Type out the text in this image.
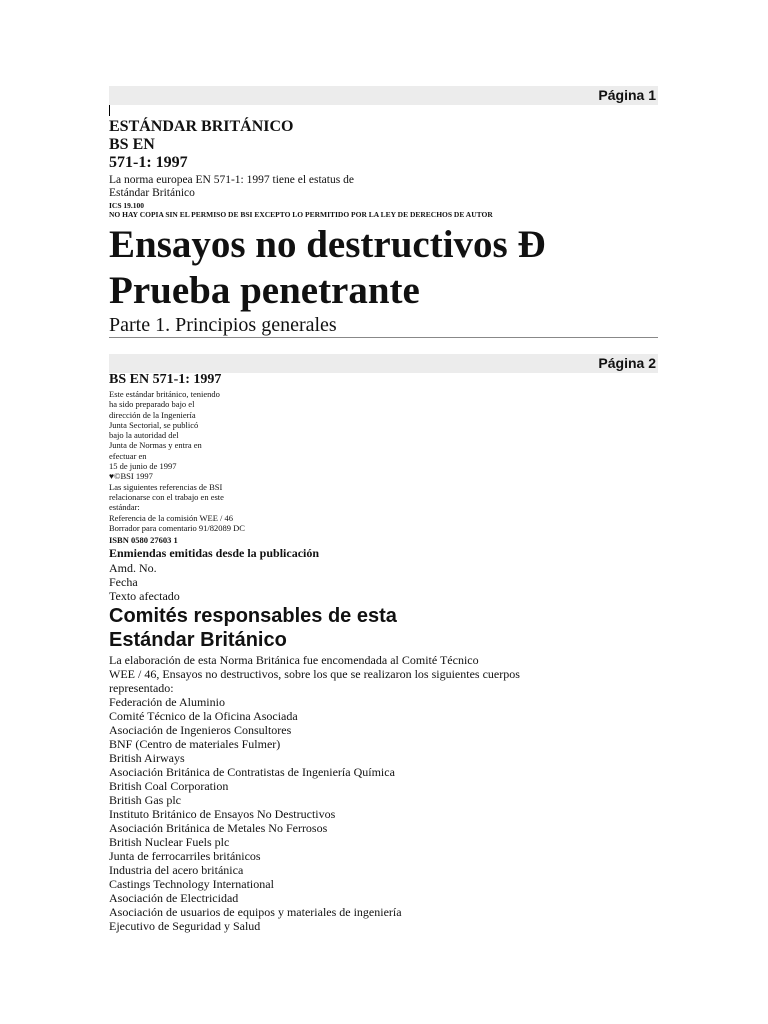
Página 1
ESTÁNDAR BRITÁNICO
BS EN
571-1: 1997
La norma europea EN 571-1: 1997 tiene el estatus de
Estándar Británico
ICS 19.100
NO HAY COPIA SIN EL PERMISO DE BSI EXCEPTO LO PERMITIDO POR LA LEY DE DERECHOS DE AUTOR
Ensayos no destructivos Ð
Prueba penetrante
Parte 1. Principios generales
Página 2
BS EN 571-1: 1997
Este estándar británico, teniendo
ha sido preparado bajo el
dirección de la Ingeniería
Junta Sectorial, se publicó
bajo la autoridad del
Junta de Normas y entra en
efectuar en
15 de junio de 1997
♥©BSI 1997
Las siguientes referencias de BSI
relacionarse con el trabajo en este
estándar:
Referencia de la comisión WEE / 46
Borrador para comentario 91/82089 DC
ISBN 0580 27603 1
Enmiendas emitidas desde la publicación
Amd. No.
Fecha
Texto afectado
Comités responsables de esta
Estándar Británico
La elaboración de esta Norma Británica fue encomendada al Comité Técnico
WEE / 46, Ensayos no destructivos, sobre los que se realizaron los siguientes cuerpos
representado:
Federación de Aluminio
Comité Técnico de la Oficina Asociada
Asociación de Ingenieros Consultores
BNF (Centro de materiales Fulmer)
British Airways
Asociación Británica de Contratistas de Ingeniería Química
British Coal Corporation
British Gas plc
Instituto Británico de Ensayos No Destructivos
Asociación Británica de Metales No Ferrosos
British Nuclear Fuels plc
Junta de ferrocarriles británicos
Industria del acero británica
Castings Technology International
Asociación de Electricidad
Asociación de usuarios de equipos y materiales de ingeniería
Ejecutivo de Seguridad y Salud
